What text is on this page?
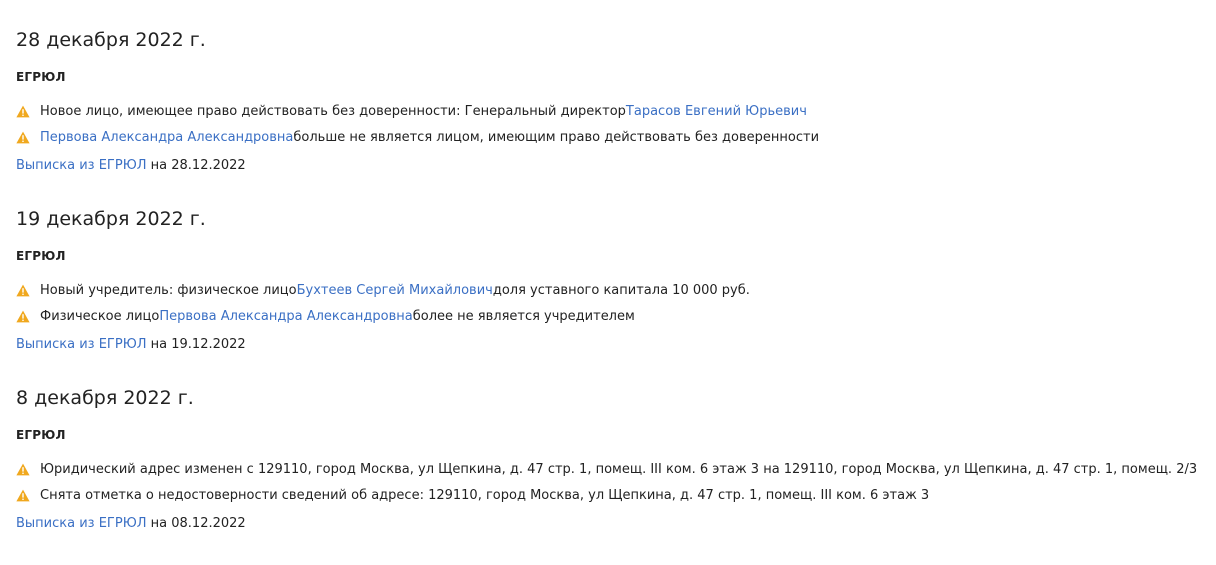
28 декабря 2022 г.
ЕГРЮЛ
Новое лицо, имеющее право действовать без доверенности: Генеральный директор Тарасов Евгений Юрьевич
Первова Александра Александровна больше не является лицом, имеющим право действовать без доверенности
Выписка из ЕГРЮЛ на 28.12.2022
19 декабря 2022 г.
ЕГРЮЛ
Новый учредитель: физическое лицо Бухтеев Сергей Михайлович доля уставного капитала 10 000 руб.
Физическое лицо Первова Александра Александровна более не является учредителем
Выписка из ЕГРЮЛ на 19.12.2022
8 декабря 2022 г.
ЕГРЮЛ
Юридический адрес изменен с 129110, город Москва, ул Щепкина, д. 47 стр. 1, помещ. III ком. 6 этаж 3 на 129110, город Москва, ул Щепкина, д. 47 стр. 1, помещ. 2/3
Снята отметка о недостоверности сведений об адресе: 129110, город Москва, ул Щепкина, д. 47 стр. 1, помещ. III ком. 6 этаж 3
Выписка из ЕГРЮЛ на 08.12.2022
